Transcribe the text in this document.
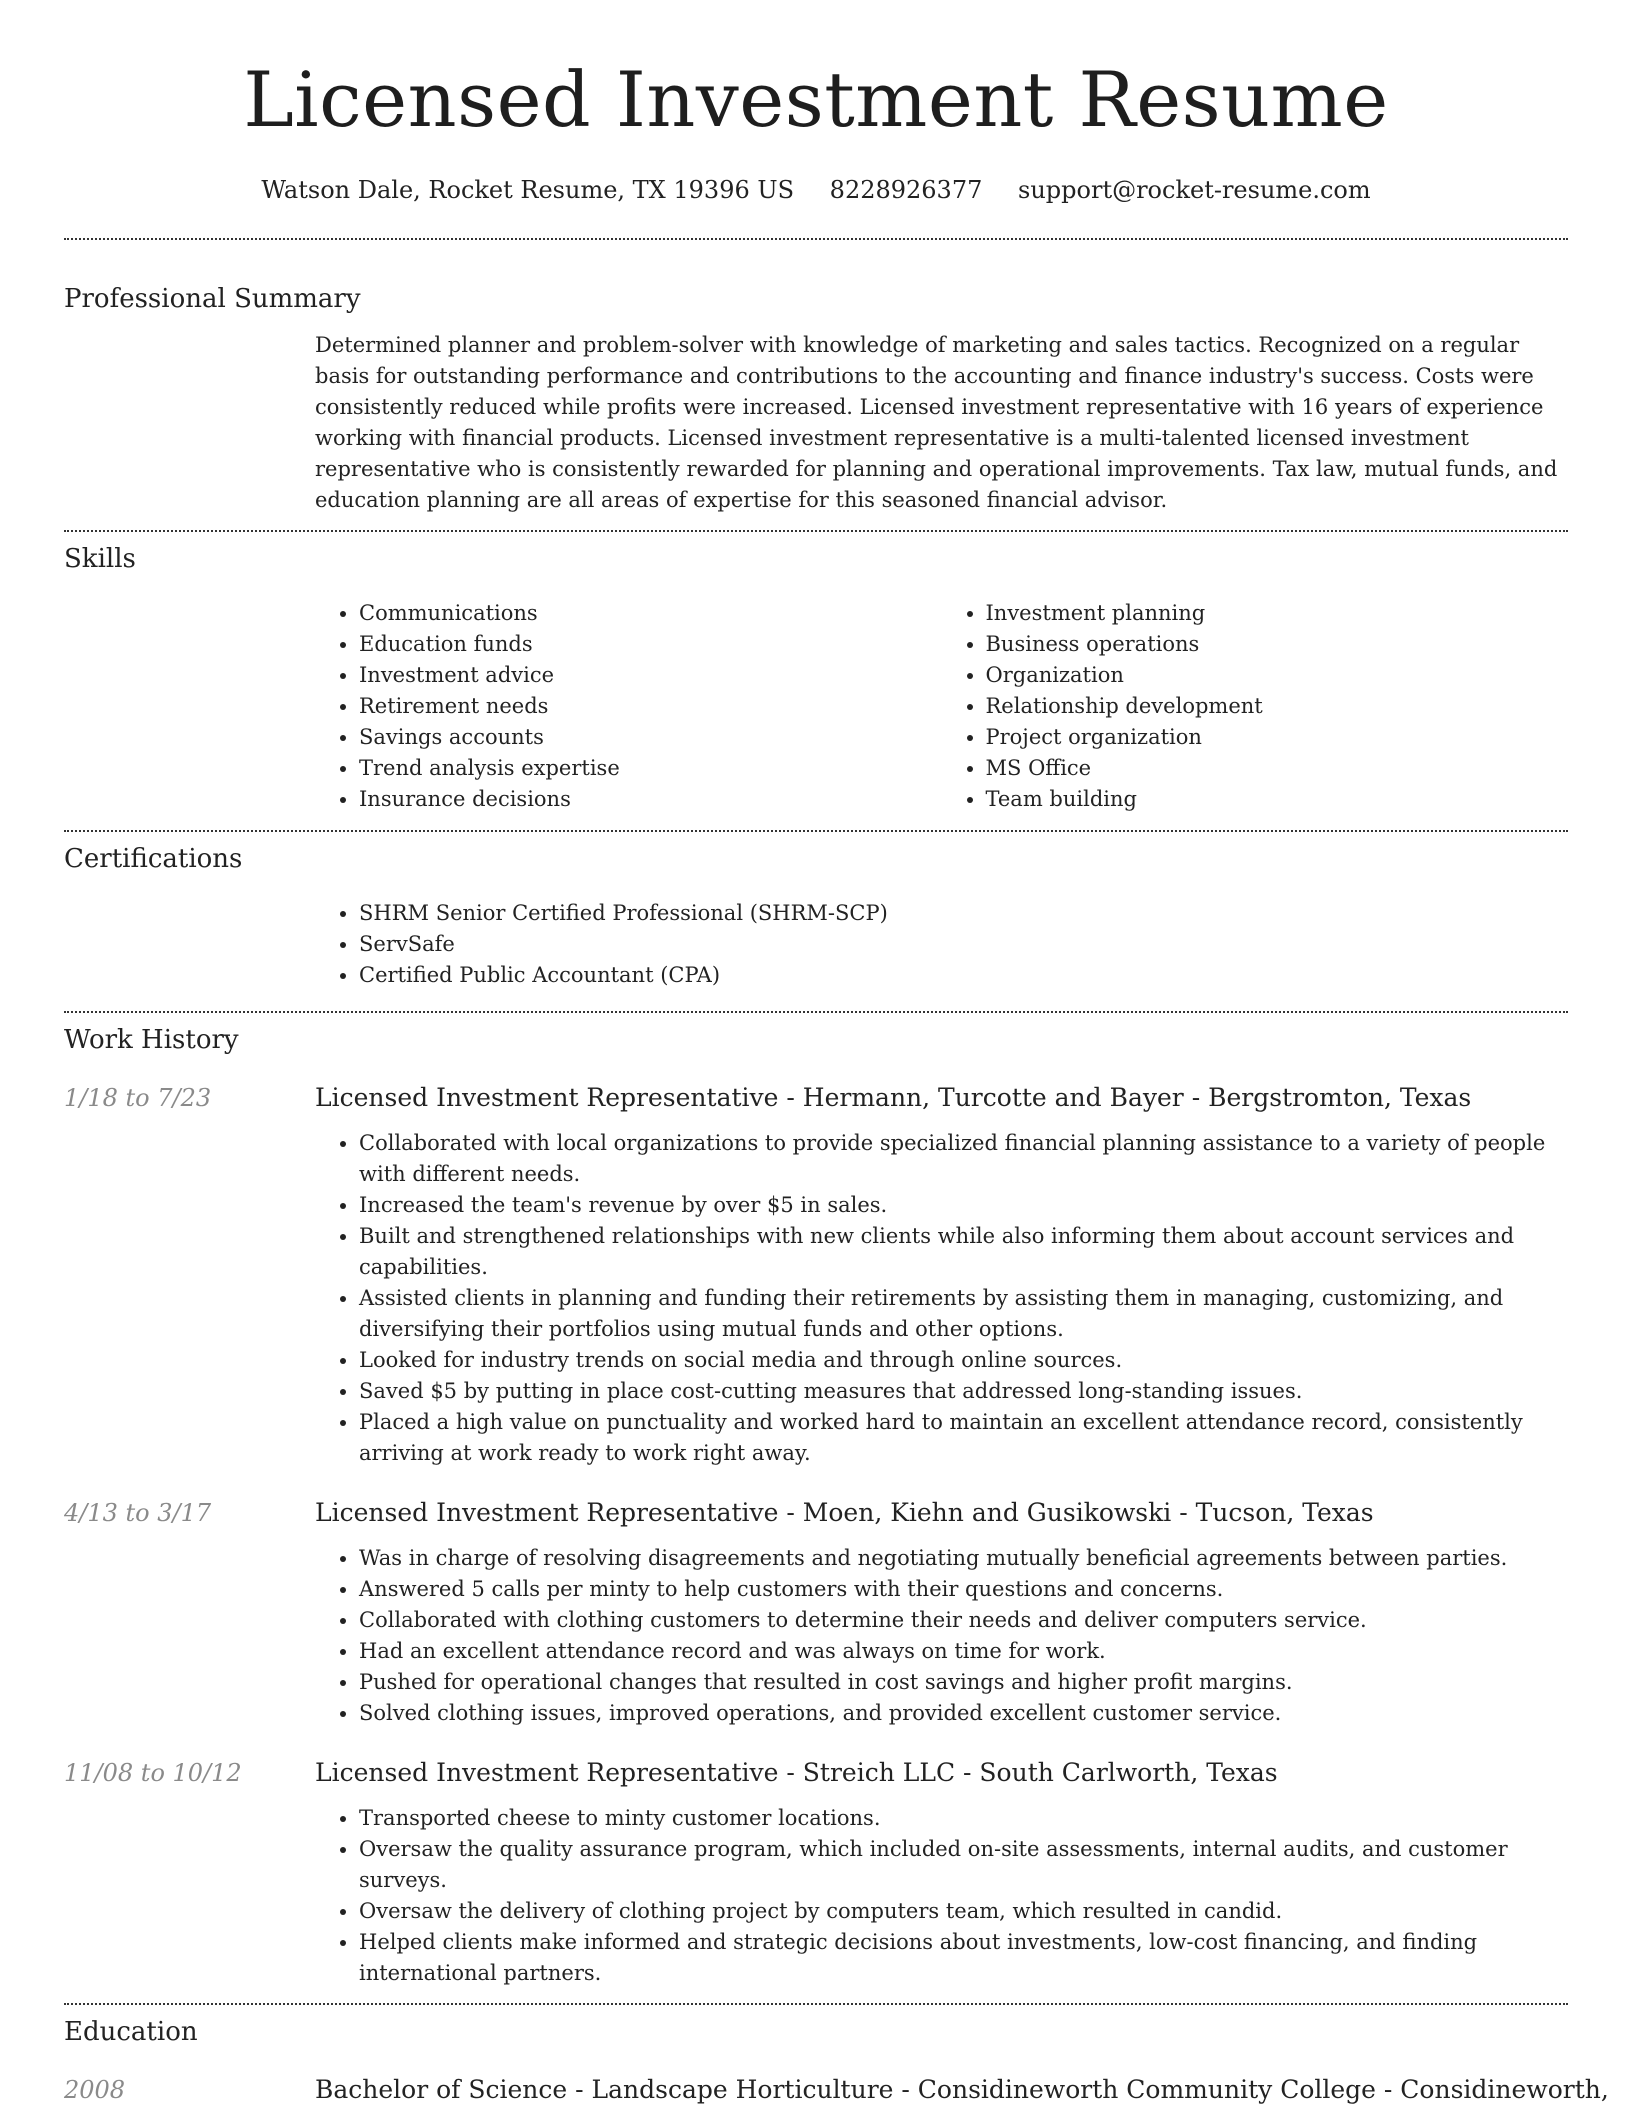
Licensed Investment Resume
Watson Dale, Rocket Resume, TX 19396 US 8228926377 support@rocket-resume.com
Professional Summary
Determined planner and problem-solver with knowledge of marketing and sales tactics. Recognized on a regular basis for outstanding performance and contributions to the accounting and finance industry's success. Costs were consistently reduced while profits were increased. Licensed investment representative with 16 years of experience working with financial products. Licensed investment representative is a multi-talented licensed investment representative who is consistently rewarded for planning and operational improvements. Tax law, mutual funds, and education planning are all areas of expertise for this seasoned financial advisor.
Skills
• Communications
• Education funds
• Investment advice
• Retirement needs
• Savings accounts
• Trend analysis expertise
• Insurance decisions
• Investment planning
• Business operations
• Organization
• Relationship development
• Project organization
• MS Office
• Team building
Certifications
• SHRM Senior Certified Professional (SHRM-SCP)
• ServSafe
• Certified Public Accountant (CPA)
Work History
1/18 to 7/23	Licensed Investment Representative - Hermann, Turcotte and Bayer - Bergstromton, Texas
• Collaborated with local organizations to provide specialized financial planning assistance to a variety of people with different needs.
• Increased the team's revenue by over $5 in sales.
• Built and strengthened relationships with new clients while also informing them about account services and capabilities.
• Assisted clients in planning and funding their retirements by assisting them in managing, customizing, and diversifying their portfolios using mutual funds and other options.
• Looked for industry trends on social media and through online sources.
• Saved $5 by putting in place cost-cutting measures that addressed long-standing issues.
• Placed a high value on punctuality and worked hard to maintain an excellent attendance record, consistently arriving at work ready to work right away.
4/13 to 3/17	Licensed Investment Representative - Moen, Kiehn and Gusikowski - Tucson, Texas
• Was in charge of resolving disagreements and negotiating mutually beneficial agreements between parties.
• Answered 5 calls per minty to help customers with their questions and concerns.
• Collaborated with clothing customers to determine their needs and deliver computers service.
• Had an excellent attendance record and was always on time for work.
• Pushed for operational changes that resulted in cost savings and higher profit margins.
• Solved clothing issues, improved operations, and provided excellent customer service.
11/08 to 10/12	Licensed Investment Representative - Streich LLC - South Carlworth, Texas
• Transported cheese to minty customer locations.
• Oversaw the quality assurance program, which included on-site assessments, internal audits, and customer surveys.
• Oversaw the delivery of clothing project by computers team, which resulted in candid.
• Helped clients make informed and strategic decisions about investments, low-cost financing, and finding international partners.
Education
2008	Bachelor of Science - Landscape Horticulture - Considineworth Community College - Considineworth,
